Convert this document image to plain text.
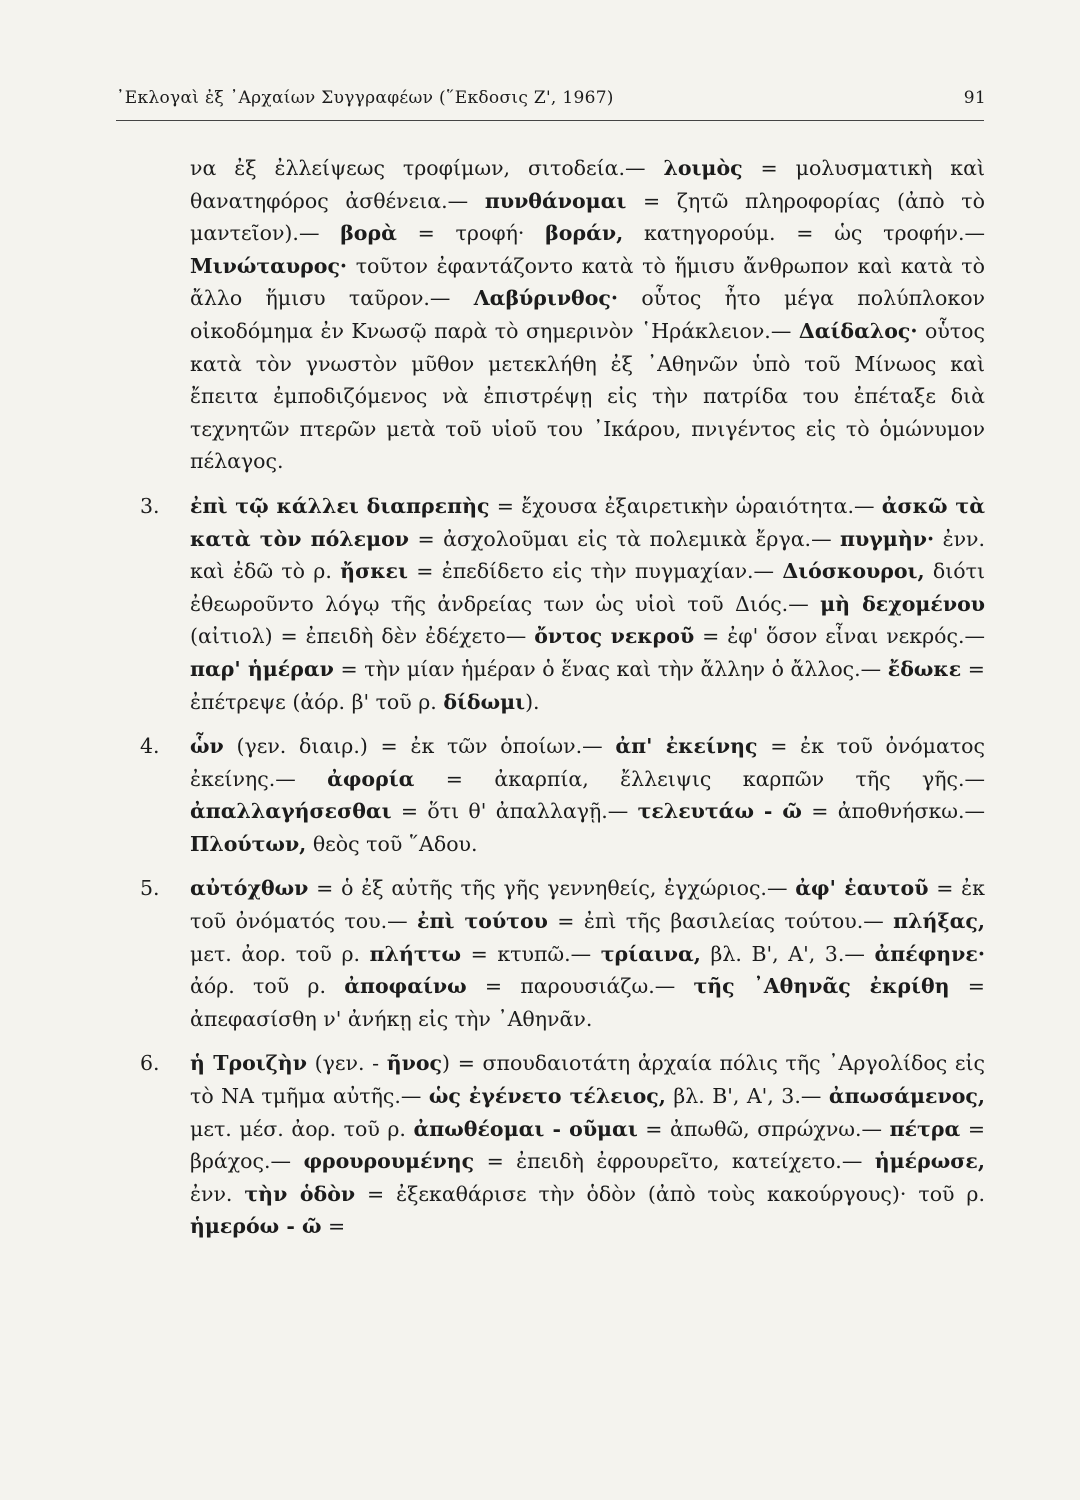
᾿Εκλογαὶ ἐξ ᾿Αρχαίων Συγγραφέων (῞Εκδοσις Ζ', 1967)	91

να ἐξ ἐλλείψεως τροφίμων, σιτοδεία.— λοιμὸς = μολυσματικὴ καὶ θανατηφόρος ἀσθένεια.— πυνθάνομαι = ζητῶ πληροφορίας (ἀπὸ τὸ μαντεῖον).— βορὰ = τροφή· βοράν, κατηγορούμ. = ὡς τροφήν.— Μινώταυρος· τοῦτον ἐφαντάζοντο κατὰ τὸ ἥμισυ ἄνθρωπον καὶ κατὰ τὸ ἄλλο ἥμισυ ταῦρον.— Λαβύρινθος· οὗτος ἦτο μέγα πολύπλοκον οἰκοδόμημα ἐν Κνωσῷ παρὰ τὸ σημερινὸν ῾Ηράκλειον.— Δαίδαλος· οὗτος κατὰ τὸν γνωστὸν μῦθον μετεκλήθη ἐξ ᾿Αθηνῶν ὑπὸ τοῦ Μίνωος καὶ ἔπειτα ἐμποδιζόμενος νὰ ἐπιστρέψῃ εἰς τὴν πατρίδα του ἐπέταξε διὰ τεχνητῶν πτερῶν μετὰ τοῦ υἱοῦ του ᾿Ικάρου, πνιγέντος εἰς τὸ ὁμώνυμον πέλαγος.

3. ἐπὶ τῷ κάλλει διαπρεπὴς = ἔχουσα ἐξαιρετικὴν ὡραιότητα.— ἀσκῶ τὰ κατὰ τὸν πόλεμον = ἀσχολοῦμαι εἰς τὰ πολεμικὰ ἔργα.— πυγμὴν· ἐνν. καὶ ἐδῶ τὸ ρ. ἤσκει = ἐπεδίδετο εἰς τὴν πυγμαχίαν.— Διόσκουροι, διότι ἐθεωροῦντο λόγῳ τῆς ἀνδρείας των ὡς υἱοὶ τοῦ Διός.— μὴ δεχομένου (αἰτιολ) = ἐπειδὴ δὲν ἐδέχετο— ὄντος νεκροῦ = ἐφ' ὅσον εἶναι νεκρός.— παρ' ἡμέραν = τὴν μίαν ἡμέραν ὁ ἕνας καὶ τὴν ἄλλην ὁ ἄλλος.— ἔδωκε = ἐπέτρεψε (ἀόρ. β' τοῦ ρ. δίδωμι).

4. ὧν (γεν. διαιρ.) = ἐκ τῶν ὁποίων.— ἀπ' ἐκείνης = ἐκ τοῦ ὀνόματος ἐκείνης.— ἀφορία = ἀκαρπία, ἔλλειψις καρπῶν τῆς γῆς.— ἀπαλλαγήσεσθαι = ὅτι θ' ἀπαλλαγῇ.— τελευτάω - ῶ = ἀποθνήσκω.— Πλούτων, θεὸς τοῦ ῞Αδου.

5. αὐτόχθων = ὁ ἐξ αὐτῆς τῆς γῆς γεννηθείς, ἐγχώριος.— ἀφ' ἑαυτοῦ = ἐκ τοῦ ὀνόματός του.— ἐπὶ τούτου = ἐπὶ τῆς βασιλείας τούτου.— πλήξας, μετ. ἀορ. τοῦ ρ. πλήττω = κτυπῶ.— τρίαινα, βλ. Β', Α', 3.— ἀπέφηνε· ἀόρ. τοῦ ρ. ἀποφαίνω = παρουσιάζω.— τῆς ᾿Αθηνᾶς ἐκρίθη = ἀπεφασίσθη ν' ἀνήκῃ εἰς τὴν ᾿Αθηνᾶν.

6. ἡ Τροιζὴν (γεν. - ῆνος) = σπουδαιοτάτη ἀρχαία πόλις τῆς ᾿Αργολίδος εἰς τὸ ΝΑ τμῆμα αὐτῆς.— ὡς ἐγένετο τέλειος, βλ. Β', Α', 3.— ἀπωσάμενος, μετ. μέσ. ἀορ. τοῦ ρ. ἀπωθέομαι - οῦμαι = ἀπωθῶ, σπρώχνω.— πέτρα = βράχος.— φρουρουμένης = ἐπειδὴ ἐφρουρεῖτο, κατείχετο.— ἡμέρωσε, ἐνν. τὴν ὁδὸν = ἐξεκαθάρισε τὴν ὁδὸν (ἀπὸ τοὺς κακούργους)· τοῦ ρ. ἡμερόω - ῶ =
